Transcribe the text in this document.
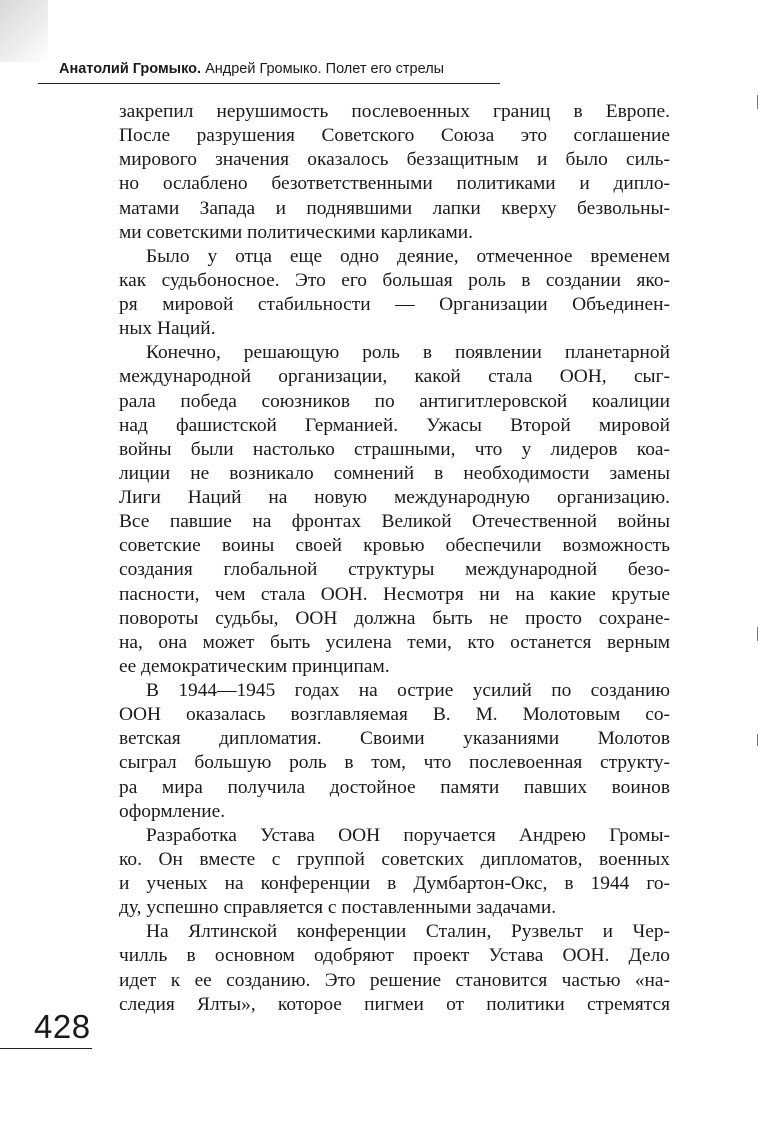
Анатолий Громыко. Андрей Громыко. Полет его стрелы
закрепил нерушимость послевоенных границ в Европе.
После разрушения Советского Союза это соглашение
мирового значения оказалось беззащитным и было силь-
но ослаблено безответственными политиками и дипло-
матами Запада и поднявшими лапки кверху безвольны-
ми советскими политическими карликами.
Было у отца еще одно деяние, отмеченное временем
как судьбоносное. Это его большая роль в создании яко-
ря мировой стабильности — Организации Объединен-
ных Наций.
Конечно, решающую роль в появлении планетарной
международной организации, какой стала ООН, сыг-
рала победа союзников по антигитлеровской коалиции
над фашистской Германией. Ужасы Второй мировой
войны были настолько страшными, что у лидеров коа-
лиции не возникало сомнений в необходимости замены
Лиги Наций на новую международную организацию.
Все павшие на фронтах Великой Отечественной войны
советские воины своей кровью обеспечили возможность
создания глобальной структуры международной безо-
пасности, чем стала ООН. Несмотря ни на какие крутые
повороты судьбы, ООН должна быть не просто сохране-
на, она может быть усилена теми, кто останется верным
ее демократическим принципам.
В 1944—1945 годах на острие усилий по созданию
ООН оказалась возглавляемая В. М. Молотовым со-
ветская дипломатия. Своими указаниями Молотов
сыграл большую роль в том, что послевоенная структу-
ра мира получила достойное памяти павших воинов
оформление.
Разработка Устава ООН поручается Андрею Громы-
ко. Он вместе с группой советских дипломатов, военных
и ученых на конференции в Думбартон-Окс, в 1944 го-
ду, успешно справляется с поставленными задачами.
На Ялтинской конференции Сталин, Рузвельт и Чер-
чилль в основном одобряют проект Устава ООН. Дело
идет к ее созданию. Это решение становится частью «на-
следия Ялты», которое пигмеи от политики стремятся
428
